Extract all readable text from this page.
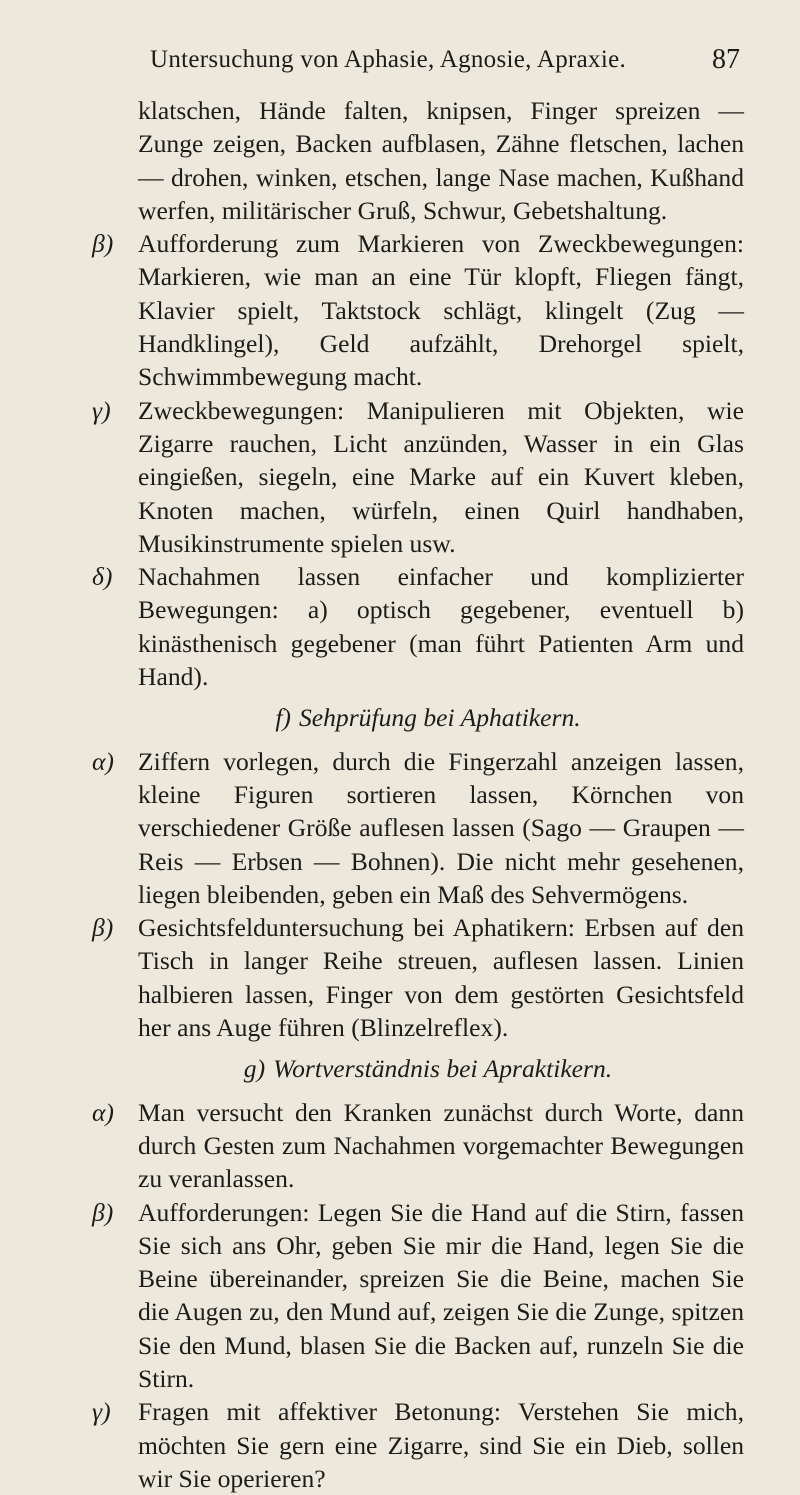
Untersuchung von Aphasie, Agnosie, Apraxie.	87

klatschen, Hände falten, knipsen, Finger spreizen — Zunge zeigen, Backen aufblasen, Zähne fletschen, lachen — drohen, winken, etschen, lange Nase machen, Kußhand werfen, militärischer Gruß, Schwur, Gebetshaltung.

β) Aufforderung zum Markieren von Zweckbewegungen: Markieren, wie man an eine Tür klopft, Fliegen fängt, Klavier spielt, Taktstock schlägt, klingelt (Zug — Handklingel), Geld aufzählt, Drehorgel spielt, Schwimmbewegung macht.

γ) Zweckbewegungen: Manipulieren mit Objekten, wie Zigarre rauchen, Licht anzünden, Wasser in ein Glas eingießen, siegeln, eine Marke auf ein Kuvert kleben, Knoten machen, würfeln, einen Quirl handhaben, Musikinstrumente spielen usw.

δ) Nachahmen lassen einfacher und komplizierter Bewegungen: a) optisch gegebener, eventuell b) kinästhenisch gegebener (man führt Patienten Arm und Hand).

f) Sehprüfung bei Aphatikern.

α) Ziffern vorlegen, durch die Fingerzahl anzeigen lassen, kleine Figuren sortieren lassen, Körnchen von verschiedener Größe auflesen lassen (Sago — Graupen — Reis — Erbsen — Bohnen). Die nicht mehr gesehenen, liegen bleibenden, geben ein Maß des Sehvermögens.

β) Gesichtsfelduntersuchung bei Aphatikern: Erbsen auf den Tisch in langer Reihe streuen, auflesen lassen. Linien halbieren lassen, Finger von dem gestörten Gesichtsfeld her ans Auge führen (Blinzelreflex).

g) Wortverständnis bei Apraktikern.

α) Man versucht den Kranken zunächst durch Worte, dann durch Gesten zum Nachahmen vorgemachter Bewegungen zu veranlassen.

β) Aufforderungen: Legen Sie die Hand auf die Stirn, fassen Sie sich ans Ohr, geben Sie mir die Hand, legen Sie die Beine übereinander, spreizen Sie die Beine, machen Sie die Augen zu, den Mund auf, zeigen Sie die Zunge, spitzen Sie den Mund, blasen Sie die Backen auf, runzeln Sie die Stirn.

γ) Fragen mit affektiver Betonung: Verstehen Sie mich, möchten Sie gern eine Zigarre, sind Sie ein Dieb, sollen wir Sie operieren?
